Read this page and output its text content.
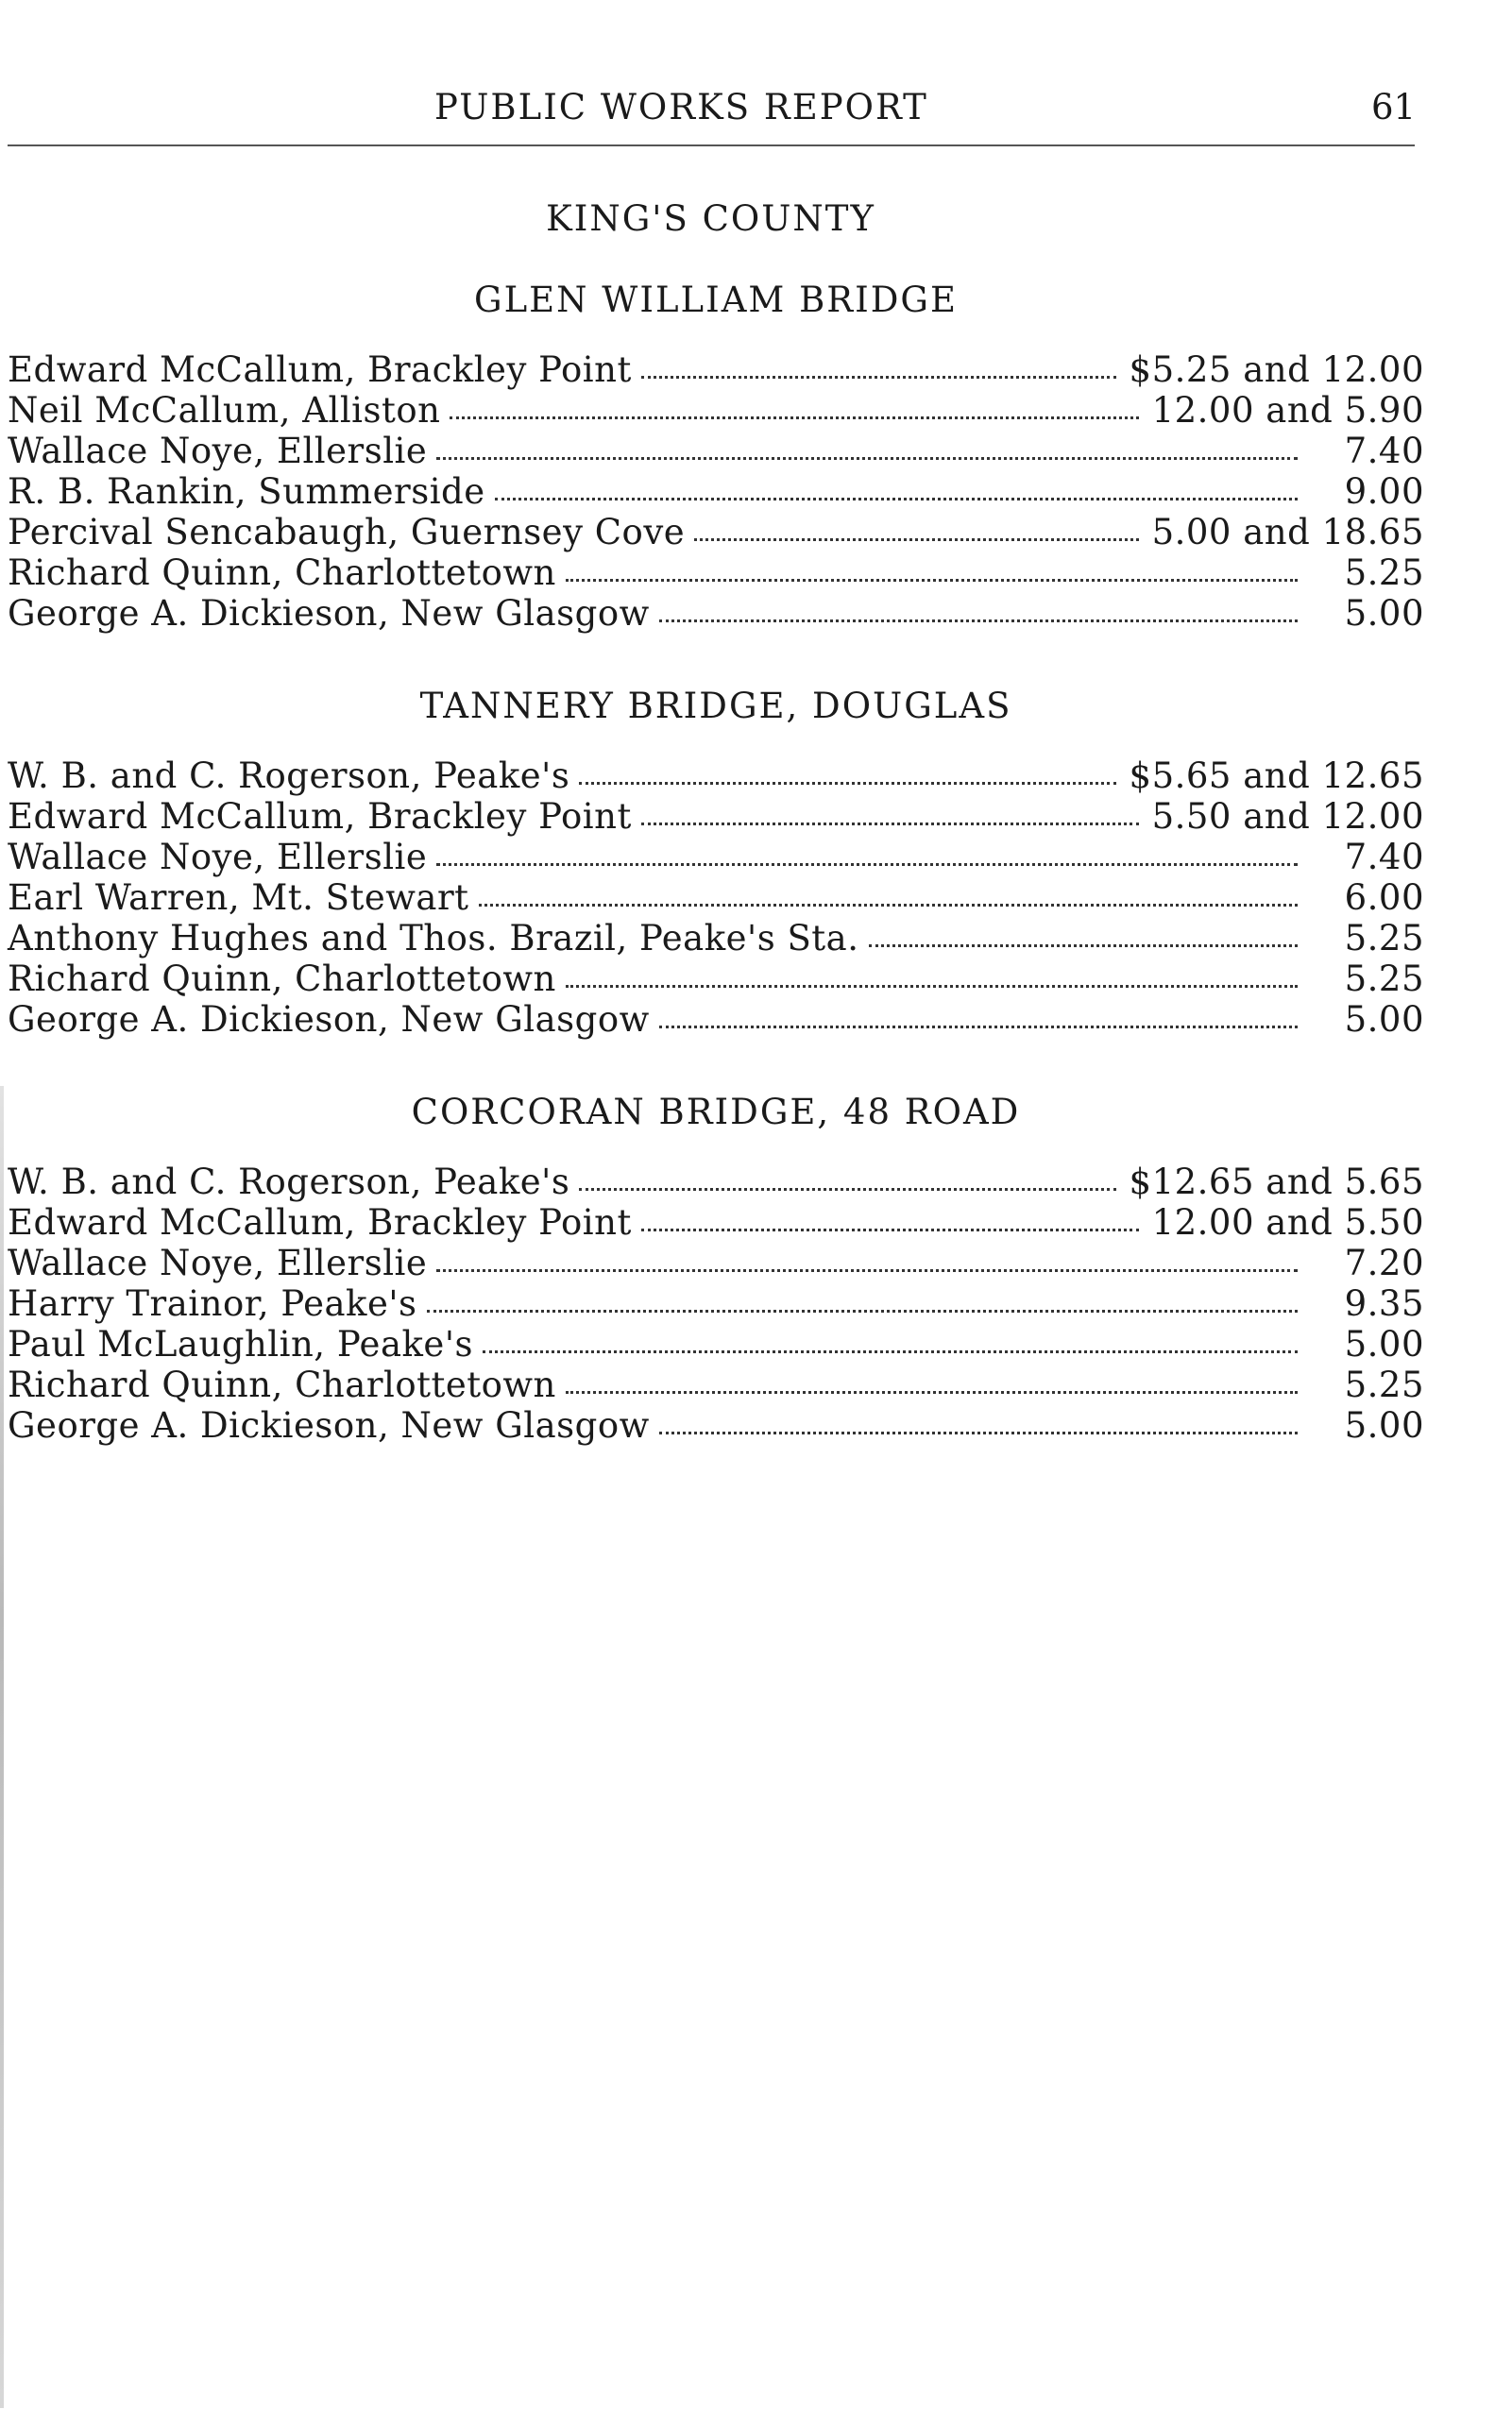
PUBLIC WORKS REPORT	61
KING'S COUNTY
GLEN WILLIAM BRIDGE
Edward McCallum, Brackley Point	$5.25 and 12.00
Neil McCallum, Alliston	12.00 and 5.90
Wallace Noye, Ellerslie	7.40
R. B. Rankin, Summerside	9.00
Percival Sencabaugh, Guernsey Cove	5.00 and 18.65
Richard Quinn, Charlottetown	5.25
George A. Dickieson, New Glasgow	5.00
TANNERY BRIDGE, DOUGLAS
W. B. and C. Rogerson, Peake's	$5.65 and 12.65
Edward McCallum, Brackley Point	5.50 and 12.00
Wallace Noye, Ellerslie	7.40
Earl Warren, Mt. Stewart	6.00
Anthony Hughes and Thos. Brazil, Peake's Sta.	5.25
Richard Quinn, Charlottetown	5.25
George A. Dickieson, New Glasgow	5.00
CORCORAN BRIDGE, 48 ROAD
W. B. and C. Rogerson, Peake's	$12.65 and 5.65
Edward McCallum, Brackley Point	12.00 and 5.50
Wallace Noye, Ellerslie	7.20
Harry Trainor, Peake's	9.35
Paul McLaughlin, Peake's	5.00
Richard Quinn, Charlottetown	5.25
George A. Dickieson, New Glasgow	5.00
